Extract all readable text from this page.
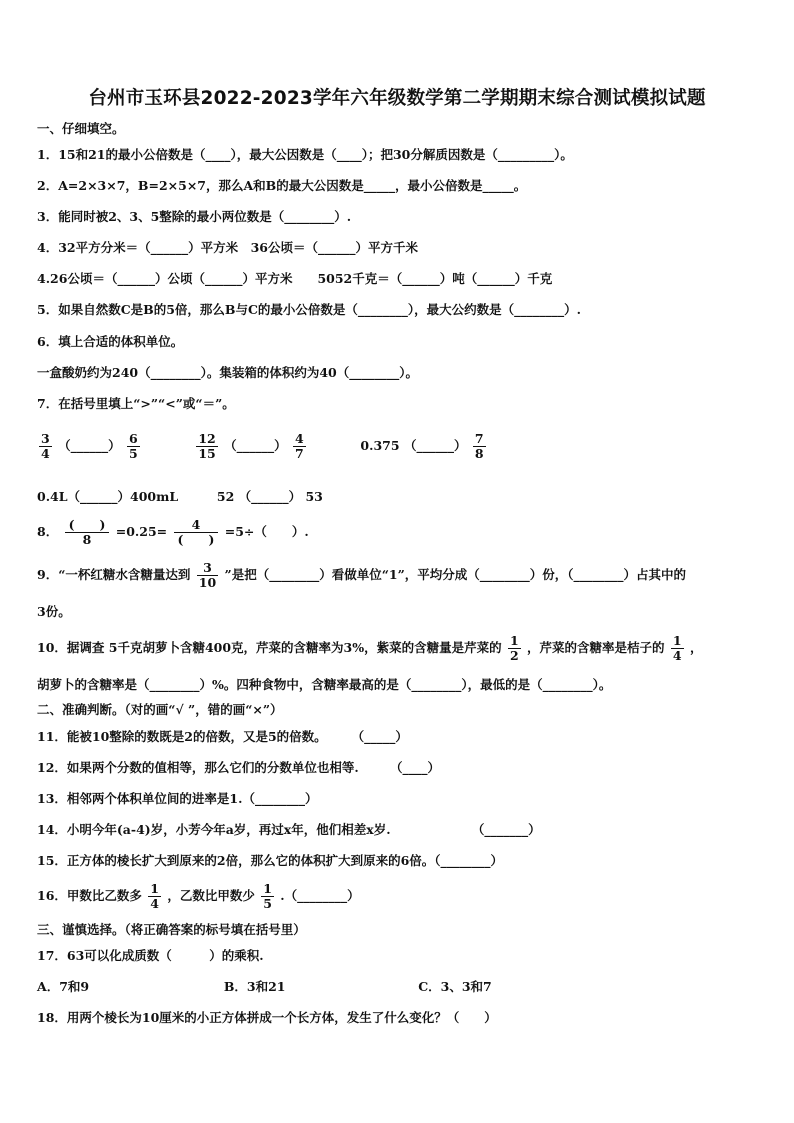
台州市玉环县2022-2023学年六年级数学第二学期期末综合测试模拟试题
一、仔细填空。
1．15和21的最小公倍数是（____），最大公因数是（____）；把30分解质因数是（_________）。
2．A=2×3×7，B=2×5×7，那么A和B的最大公因数是_____，最小公倍数是_____。
3．能同时被2、3、5整除的最小两位数是（________）.
4．32平方分米＝（______）平方米　36公顷＝（______）平方千米
4.26公顷＝（______）公顷（______）平方米　　5052千克＝（______）吨（______）千克
5．如果自然数C是B的5倍，那么B与C的最小公倍数是（________），最大公约数是（________）.
6．填上合适的体积单位。
一盒酸奶约为240（________）。集装箱的体积约为40（________）。
7．在括号里填上“>”“<”或“＝”。
$\frac{3}{4}$ （______） $\frac{6}{5}$
	$\frac{12}{15}$ （______） $\frac{4}{7}$	0.375 （______） $\frac{7}{8}$
0.4L（______）400mL	52 （______） 53
8． $\frac{( )}{8} =0.25= \frac{4}{( )} =5\div$（　　）.
9．“一杯红糖水含糖量达到 $\frac{3}{10}$ ”是把（________）看做单位“1”，平均分成（________）份，（________）占其中的
3份。
10．据调查 5千克胡萝卜含糖400克，芹菜的含糖率为3%，紫菜的含糖量是芹菜的 $\frac{1}{2}$ ，芹菜的含糖率是桔子的 $\frac{1}{4}$ ，
胡萝卜的含糖率是（________）%。四种食物中，含糖率最高的是（________），最低的是（________）。
二、准确判断。（对的画“√ ”，错的画“×”）
11．能被10整除的数既是2的倍数，又是5的倍数。　　　（_____）
12．如果两个分数的值相等，那么它们的分数单位也相等.　　　（____）
13．相邻两个体积单位间的进率是1.（________）
14．小明今年(a-4)岁，小芳今年a岁，再过x年，他们相差x岁.　　　　　　　（_______）
15．正方体的棱长扩大到原来的2倍，那么它的体积扩大到原来的6倍。（________）
16．甲数比乙数多 $\frac{1}{4}$ ，乙数比甲数少 $\frac{1}{5}$ .（________）
三、谨慎选择。（将正确答案的标号填在括号里）
17．63可以化成质数（　　　）的乘积.
A．7和9	B．3和21	C．3、3和7
18．用两个棱长为10厘米的小正方体拼成一个长方体，发生了什么变化？（　　）
